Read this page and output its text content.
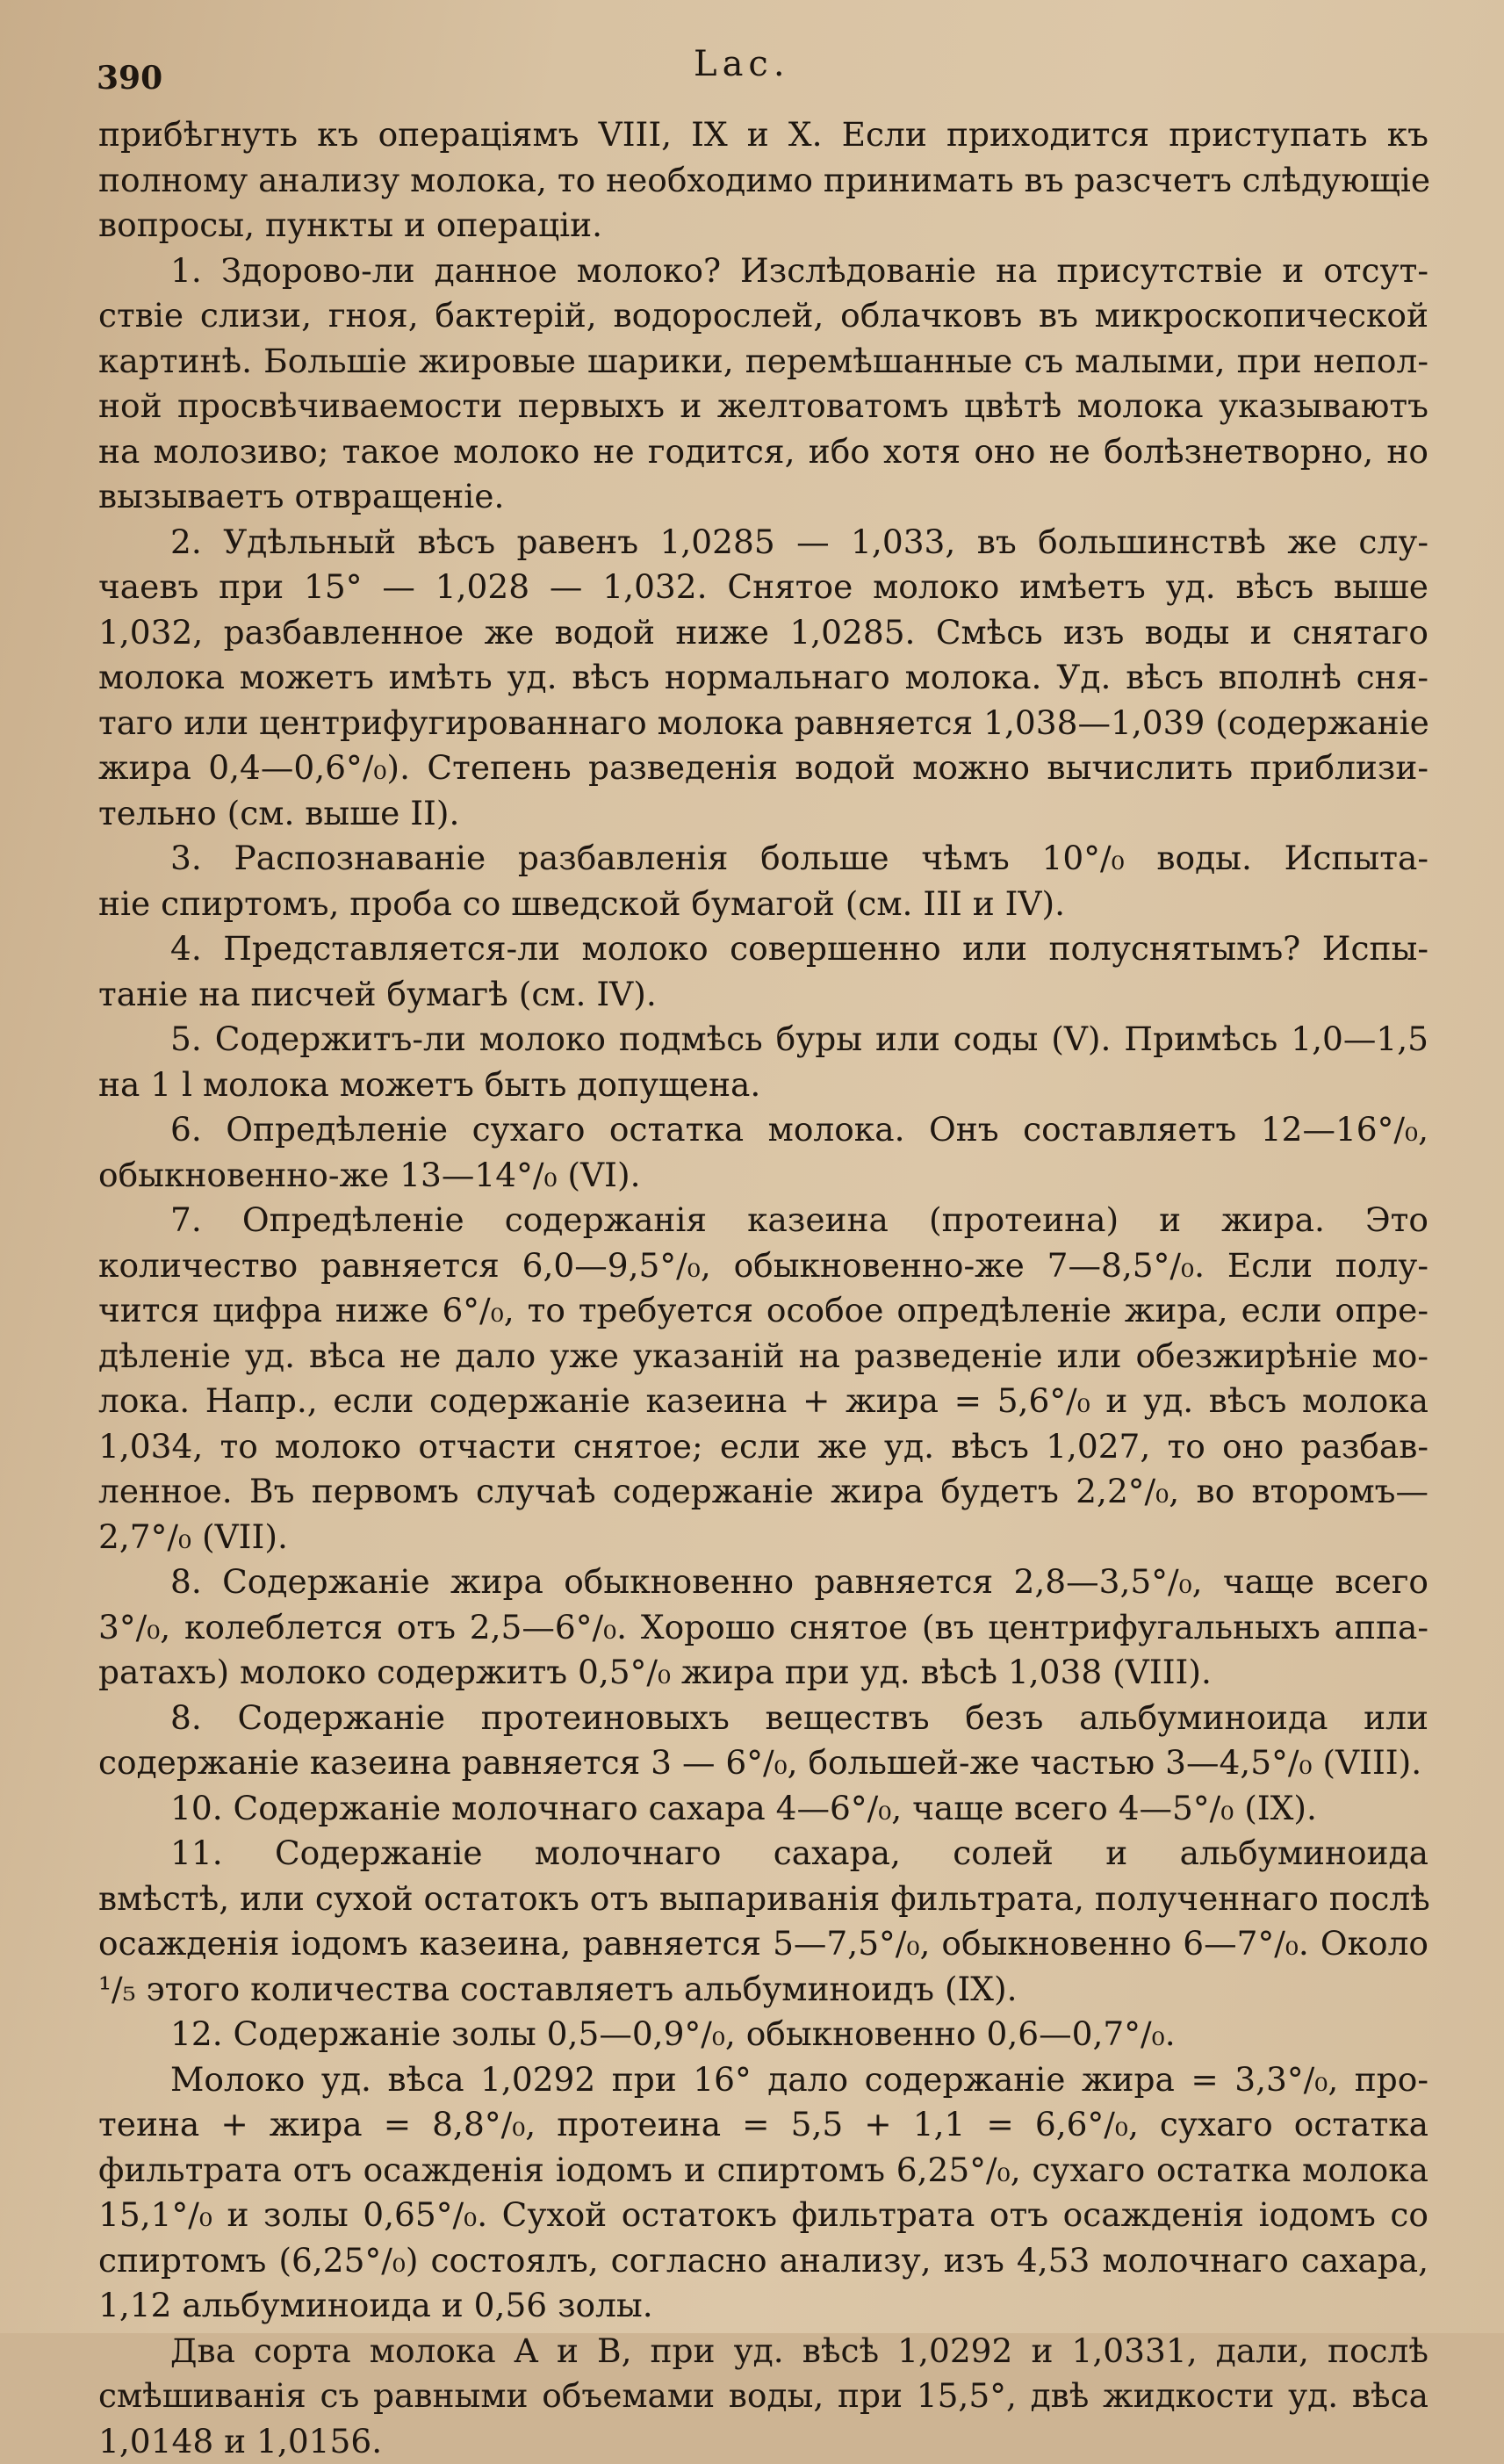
390	Lac.
прибѣгнуть къ операціямъ VIII, IX и X. Если приходится приступать къ
полному анализу молока, то необходимо принимать въ разсчетъ слѣдующіе
вопросы, пункты и операціи.
1. Здорово-ли данное молоко? Изслѣдованіе на присутствіе и отсут-
ствіе слизи, гноя, бактерій, водорослей, облачковъ въ микроскопической
картинѣ. Большіе жировые шарики, перемѣшанные съ малыми, при непол-
ной просвѣчиваемости первыхъ и желтоватомъ цвѣтѣ молока указываютъ
на молозиво; такое молоко не годится, ибо хотя оно не болѣзнетворно, но
вызываетъ отвращеніе.
2. Удѣльный вѣсъ равенъ 1,0285 — 1,033, въ большинствѣ же слу-
чаевъ при 15° — 1,028 — 1,032. Снятое молоко имѣетъ уд. вѣсъ выше
1,032, разбавленное же водой ниже 1,0285. Смѣсь изъ воды и снятаго
молока можетъ имѣть уд. вѣсъ нормальнаго молока. Уд. вѣсъ вполнѣ сня-
таго или центрифугированнаго молока равняется 1,038—1,039 (содержаніе
жира 0,4—0,6°/₀). Степень разведенія водой можно вычислить приблизи-
тельно (см. выше II).
3. Распознаваніе разбавленія больше чѣмъ 10°/₀ воды. Испыта-
ніе спиртомъ, проба со шведской бумагой (см. III и IV).
4. Представляется-ли молоко совершенно или полуснятымъ? Испы-
таніе на писчей бумагѣ (см. IV).
5. Содержитъ-ли молоко подмѣсь буры или соды (V). Примѣсь 1,0—1,5
на 1 l молока можетъ быть допущена.
6. Опредѣленіе сухаго остатка молока. Онъ составляетъ 12—16°/₀,
обыкновенно-же 13—14°/₀ (VI).
7. Опредѣленіе содержанія казеина (протеина) и жира. Это
количество равняется 6,0—9,5°/₀, обыкновенно-же 7—8,5°/₀. Если полу-
чится цифра ниже 6°/₀, то требуется особое опредѣленіе жира, если опре-
дѣленіе уд. вѣса не дало уже указаній на разведеніе или обезжирѣніе мо-
лока. Напр., если содержаніе казеина + жира = 5,6°/₀ и уд. вѣсъ молока
1,034, то молоко отчасти снятое; если же уд. вѣсъ 1,027, то оно разбав-
ленное. Въ первомъ случаѣ содержаніе жира будетъ 2,2°/₀, во второмъ—
2,7°/₀ (VII).
8. Содержаніе жира обыкновенно равняется 2,8—3,5°/₀, чаще всего
3°/₀, колеблется отъ 2,5—6°/₀. Хорошо снятое (въ центрифугальныхъ аппа-
ратахъ) молоко содержитъ 0,5°/₀ жира при уд. вѣсѣ 1,038 (VIII).
8. Содержаніе протеиновыхъ веществъ безъ альбуминоида или
содержаніе казеина равняется 3 — 6°/₀, большей-же частью 3—4,5°/₀ (VIII).
10. Содержаніе молочнаго сахара 4—6°/₀, чаще всего 4—5°/₀ (IX).
11. Содержаніе молочнаго сахара, солей и альбуминоида
вмѣстѣ, или сухой остатокъ отъ выпариванія фильтрата, полученнаго послѣ
осажденія іодомъ казеина, равняется 5—7,5°/₀, обыкновенно 6—7°/₀. Около
¹/₅ этого количества составляетъ альбуминоидъ (IX).
12. Содержаніе золы 0,5—0,9°/₀, обыкновенно 0,6—0,7°/₀.
Молоко уд. вѣса 1,0292 при 16° дало содержаніе жира = 3,3°/₀, про-
теина + жира = 8,8°/₀, протеина = 5,5 + 1,1 = 6,6°/₀, сухаго остатка
фильтрата отъ осажденія іодомъ и спиртомъ 6,25°/₀, сухаго остатка молока
15,1°/₀ и золы 0,65°/₀. Сухой остатокъ фильтрата отъ осажденія іодомъ со
спиртомъ (6,25°/₀) состоялъ, согласно анализу, изъ 4,53 молочнаго сахара,
1,12 альбуминоида и 0,56 золы.
Два сорта молока A и B, при уд. вѣсѣ 1,0292 и 1,0331, дали, послѣ
смѣшиванія съ равными объемами воды, при 15,5°, двѣ жидкости уд. вѣса
1,0148 и 1,0156.
